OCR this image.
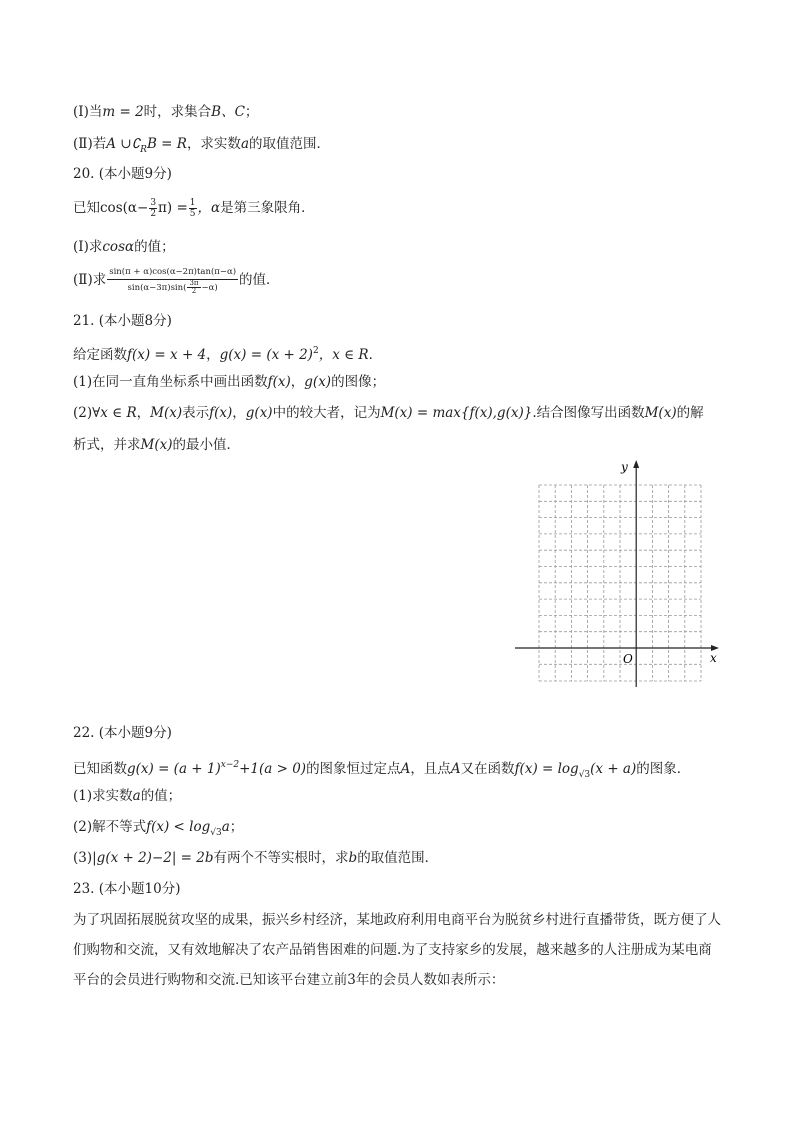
(Ⅰ)当m = 2时，求集合B、C；
(Ⅱ)若A $\cup∁_RB = R$，求实数a的取值范围．
20. (本小题9分)
已知$\cos(\alpha- \frac{3}{2} \pi) = \frac{1}{5}$ ，α是第三象限角．
(Ⅰ)求cosα的值；
(Ⅱ)求 $\frac{\sin(\pi + \alpha)\cos(\alpha-2\pi)\tan(\pi-\alpha)}{\sin(\alpha-3\pi)\sin( \frac{3\pi}{2} -\alpha)}$ 的值．
21. (本小题8分)
给定函数f(x) = x + 4，$g(x) = (x + 2)^2$，x ∈ R．
(1)在同一直角坐标系中画出函数f(x)，g(x)的图像；
(2)∀x ∈ R，M(x)表示f(x)，g(x)中的较大者，记为M(x) = max{f(x),g(x)}.结合图像写出函数M(x)的解
析式，并求M(x)的最小值．
y
x
O
22. (本小题9分)
已知函数$g(x) = (a + 1)^{x-2}+1(a > 0)$的图象恒过定点A，且点A又在函数$f(x) = \log_{√3}(x + a)$的图象．
(1)求实数a的值；
(2)解不等式$f(x) < \log_{√3}a$；
(3)|g(x + 2)−2| = 2b有两个不等实根时，求b的取值范围．
23. (本小题10分)
为了巩固拓展脱贫攻坚的成果，振兴乡村经济，某地政府利用电商平台为脱贫乡村进行直播带货，既方便了人们购物和交流，又有效地解决了农产品销售困难的问题.为了支持家乡的发展，越来越多的人注册成为某电商平台的会员进行购物和交流.已知该平台建立前3年的会员人数如表所示：
